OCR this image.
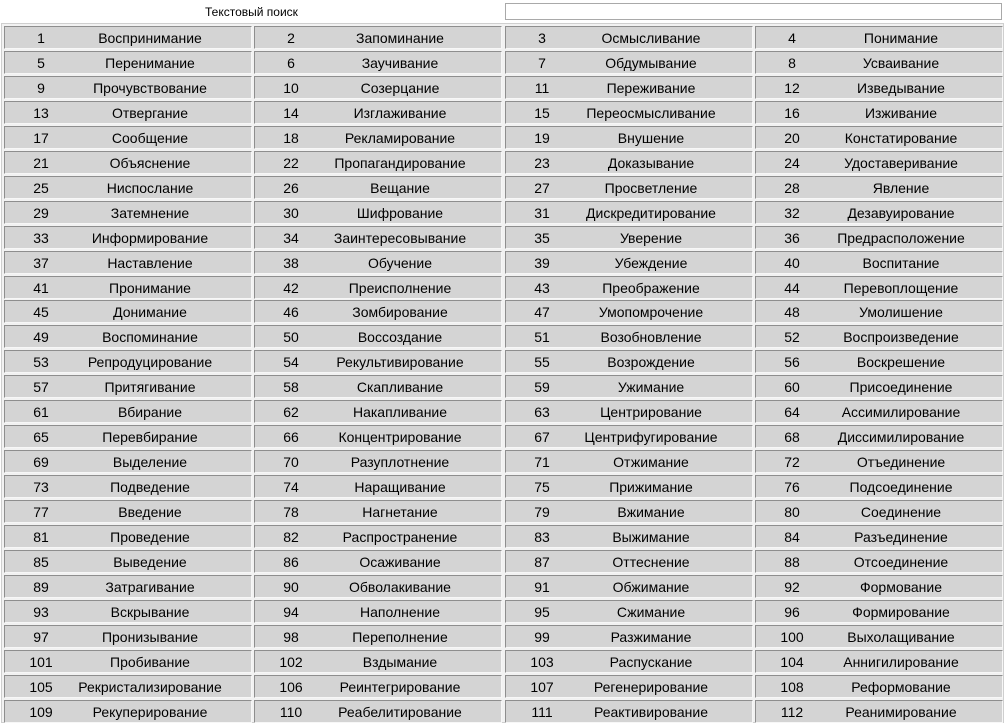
Текстовый поиск
1	Воспринимание	2	Запоминание	3	Осмысливание	4	Понимание
5	Перенимание	6	Заучивание	7	Обдумывание	8	Усваивание
9	Прочувствование	10	Созерцание	11	Переживание	12	Изведывание
13	Отвергание	14	Изглаживание	15	Переосмысливание	16	Изживание
17	Сообщение	18	Рекламирование	19	Внушение	20	Констатирование
21	Объяснение	22	Пропагандирование	23	Доказывание	24	Удоставеривание
25	Ниспослание	26	Вещание	27	Просветление	28	Явление
29	Затемнение	30	Шифрование	31	Дискредитирование	32	Дезавуирование
33	Информирование	34	Заинтересовывание	35	Уверение	36	Предрасположение
37	Наставление	38	Обучение	39	Убеждение	40	Воспитание
41	Пронимание	42	Преисполнение	43	Преображение	44	Перевоплощение
45	Донимание	46	Зомбирование	47	Умопомрочение	48	Умолишение
49	Воспоминание	50	Воссоздание	51	Возобновление	52	Воспроизведение
53	Репродуцирование	54	Рекультивирование	55	Возрождение	56	Воскрешение
57	Притягивание	58	Скапливание	59	Ужимание	60	Присоединение
61	Вбирание	62	Накапливание	63	Центрирование	64	Ассимилирование
65	Перевбирание	66	Концентрирование	67	Центрифугирование	68	Диссимилирование
69	Выделение	70	Разуплотнение	71	Отжимание	72	Отъединение
73	Подведение	74	Наращивание	75	Прижимание	76	Подсоединение
77	Введение	78	Нагнетание	79	Вжимание	80	Соединение
81	Проведение	82	Распространение	83	Выжимание	84	Разъединение
85	Выведение	86	Осаживание	87	Оттеснение	88	Отсоединение
89	Затрагивание	90	Обволакивание	91	Обжимание	92	Формование
93	Вскрывание	94	Наполнение	95	Сжимание	96	Формирование
97	Пронизывание	98	Переполнение	99	Разжимание	100	Выхолащивание
101	Пробивание	102	Вздымание	103	Распускание	104	Аннигилирование
105	Рекристализирование	106	Реинтегрирование	107	Регенерирование	108	Реформование
109	Рекуперирование	110	Реабелитирование	111	Реактивирование	112	Реанимирование
